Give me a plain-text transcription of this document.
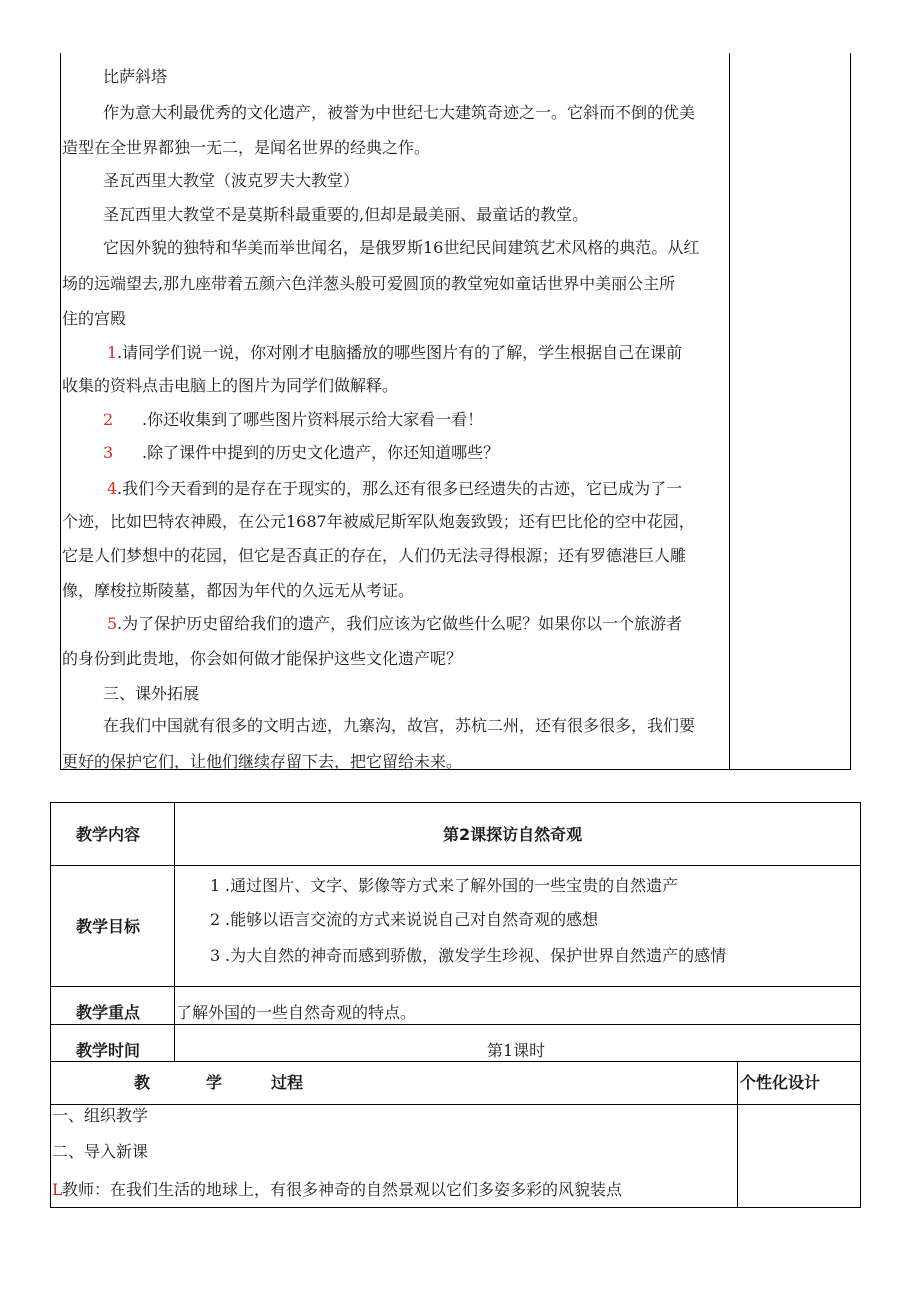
比萨斜塔
作为意大利最优秀的文化遗产，被誉为中世纪七大建筑奇迹之一。它斜而不倒的优美
造型在全世界都独一无二，是闻名世界的经典之作。
圣瓦西里大教堂（波克罗夫大教堂）
圣瓦西里大教堂不是莫斯科最重要的,但却是最美丽、最童话的教堂。
它因外貌的独特和华美而举世闻名，是俄罗斯16世纪民间建筑艺术风格的典范。从红
场的远端望去,那九座带着五颜六色洋葱头般可爱圆顶的教堂宛如童话世界中美丽公主所
住的宫殿
1 .请同学们说一说，你对刚才电脑播放的哪些图片有的了解，学生根据自己在课前
收集的资料点击电脑上的图片为同学们做解释。
2 .你还收集到了哪些图片资料展示给大家看一看！
3 .除了课件中提到的历史文化遗产，你还知道哪些？
4 .我们今天看到的是存在于现实的，那么还有很多已经遗失的古迹，它已成为了一
个迹，比如巴特农神殿，在公元1687年被威尼斯军队炮轰致毁；还有巴比伦的空中花园，
它是人们梦想中的花园，但它是否真正的存在，人们仍无法寻得根源；还有罗德港巨人雕
像，摩梭拉斯陵墓，都因为年代的久远无从考证。
5 .为了保护历史留给我们的遗产，我们应该为它做些什么呢？如果你以一个旅游者
的身份到此贵地，你会如何做才能保护这些文化遗产呢？
三、课外拓展
在我们中国就有很多的文明古迹，九寨沟，故宫，苏杭二州，还有很多很多，我们要
更好的保护它们，让他们继续存留下去，把它留给未来。
教学内容	第2课探访自然奇观
教学目标
1 .通过图片、文字、影像等方式来了解外国的一些宝贵的自然遗产
2 .能够以语言交流的方式来说说自己对自然奇观的感想
3 .为大自然的神奇而感到骄傲，激发学生珍视、保护世界自然遗产的感情
教学重点 了解外国的一些自然奇观的特点。
教学时间	第1课时
教	学	过程	个性化设计
一、组织教学
二、导入新课
L 教师：在我们生活的地球上，有很多神奇的自然景观以它们多姿多彩的风貌装点
